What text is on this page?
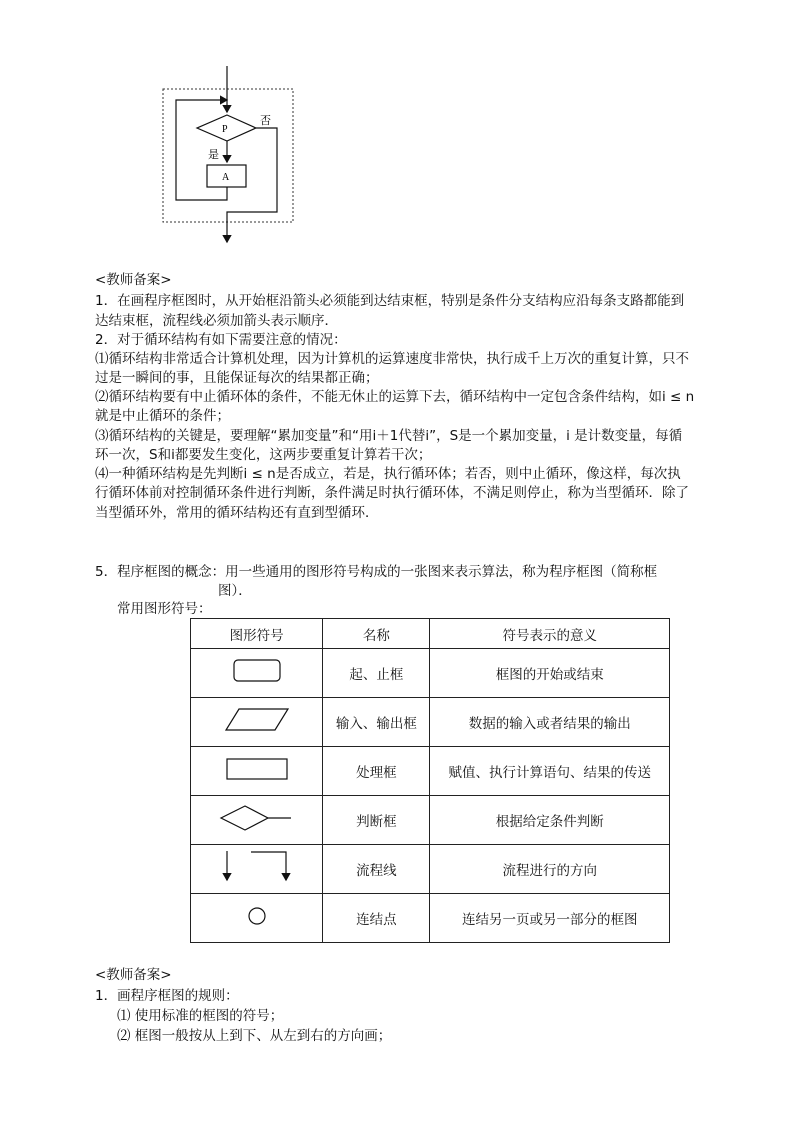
P
A
否
是
<教师备案>
1．在画程序框图时，从开始框沿箭头必须能到达结束框，特别是条件分支结构应沿每条支路都能到
达结束框，流程线必须加箭头表示顺序．
2．对于循环结构有如下需要注意的情况：
⑴循环结构非常适合计算机处理，因为计算机的运算速度非常快，执行成千上万次的重复计算，只不
过是一瞬间的事，且能保证每次的结果都正确；
⑵循环结构要有中止循环体的条件，不能无休止的运算下去，循环结构中一定包含条件结构，如i ≤ n
就是中止循环的条件；
⑶循环结构的关键是，要理解“累加变量”和“用i＋1代替i”，S是一个累加变量，i 是计数变量，每循
环一次，S和i都要发生变化，这两步要重复计算若干次；
⑷一种循环结构是先判断i ≤ n是否成立，若是，执行循环体；若否，则中止循环，像这样，每次执
行循环体前对控制循环条件进行判断，条件满足时执行循环体，不满足则停止，称为当型循环．除了
当型循环外，常用的循环结构还有直到型循环．
5．程序框图的概念：用一些通用的图形符号构成的一张图来表示算法，称为程序框图（简称框
图）．
常用图形符号：
图形符号	名称	符号表示的意义
	起、止框	框图的开始或结束
	输入、输出框	数据的输入或者结果的输出
	处理框	赋值、执行计算语句、结果的传送
	判断框	根据给定条件判断
	流程线	流程进行的方向
	连结点	连结另一页或另一部分的框图
<教师备案>
1．画程序框图的规则：
⑴ 使用标准的框图的符号；
⑵ 框图一般按从上到下、从左到右的方向画；
